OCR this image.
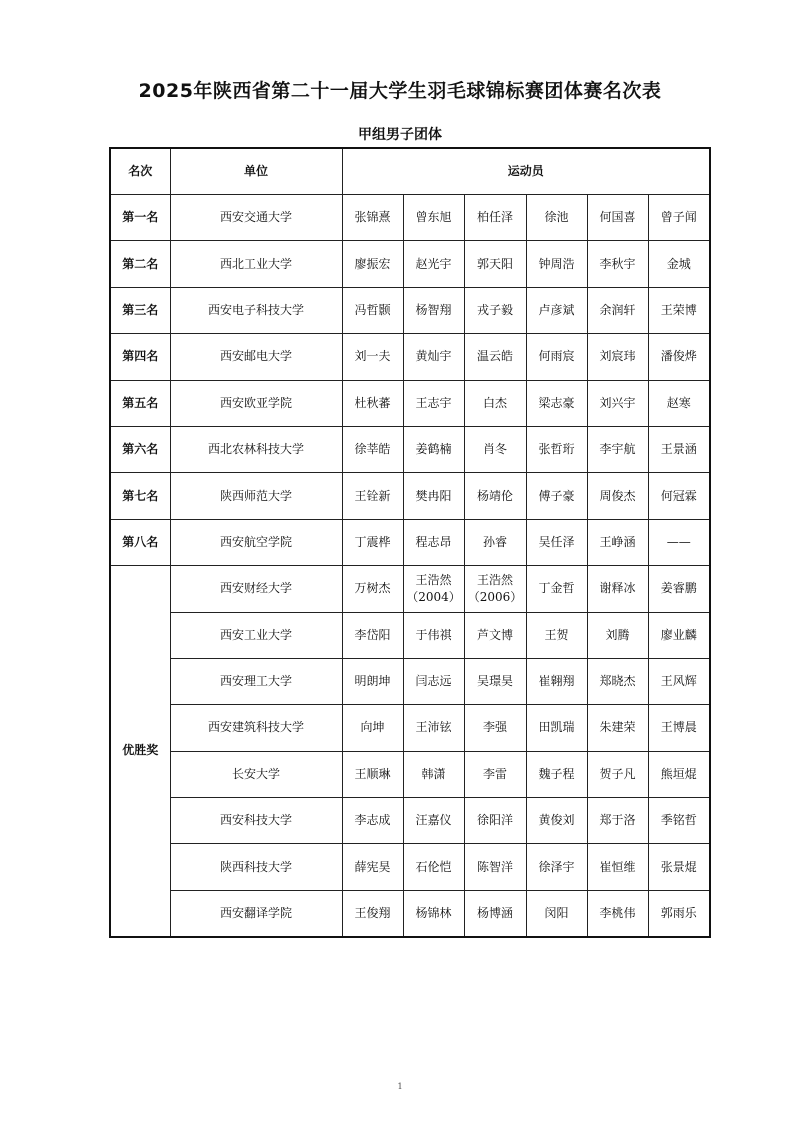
2025年陕西省第二十一届大学生羽毛球锦标赛团体赛名次表
甲组男子团体
名次	单位	运动员					
第一名	西安交通大学	张锦熹	曾东旭	柏任泽	徐池	何国喜	曾子闻
第二名	西北工业大学	廖振宏	赵光宇	郭天阳	钟周浩	李秋宇	金城
第三名	西安电子科技大学	冯哲颢	杨智翔	戎子毅	卢彦斌	余润轩	王荣博
第四名	西安邮电大学	刘一夫	黄灿宇	温云皓	何雨宸	刘宸玮	潘俊烨
第五名	西安欧亚学院	杜秋蕃	王志宇	白杰	梁志豪	刘兴宇	赵寒
第六名	西北农林科技大学	徐莘皓	姜鹤楠	肖冬	张哲珩	李宇航	王景涵
第七名	陕西师范大学	王铨新	樊冉阳	杨靖伦	傅子豪	周俊杰	何冠霖
第八名	西安航空学院	丁震桦	程志昂	孙睿	吴任泽	王峥涵	——
优胜奖	西安财经大学	万树杰	王浩然（2004）	王浩然（2006）	丁金哲	谢释冰	姜睿鹏
	西安工业大学	李岱阳	于伟祺	芦文博	王贺	刘腾	廖业麟
	西安理工大学	明朗坤	闫志远	吴璟昊	崔翱翔	郑晓杰	王风辉
	西安建筑科技大学	向坤	王沛铉	李强	田凯瑞	朱建荣	王博晨
	长安大学	王顺琳	韩潇	李雷	魏子程	贺子凡	熊垣焜
	西安科技大学	李志成	汪嘉仪	徐阳洋	黄俊刘	郑于洛	季铭哲
	陕西科技大学	薛宪昊	石伦恺	陈智洋	徐泽宇	崔恒维	张景焜
	西安翻译学院	王俊翔	杨锦林	杨博涵	闵阳	李桃伟	郭雨乐
1
